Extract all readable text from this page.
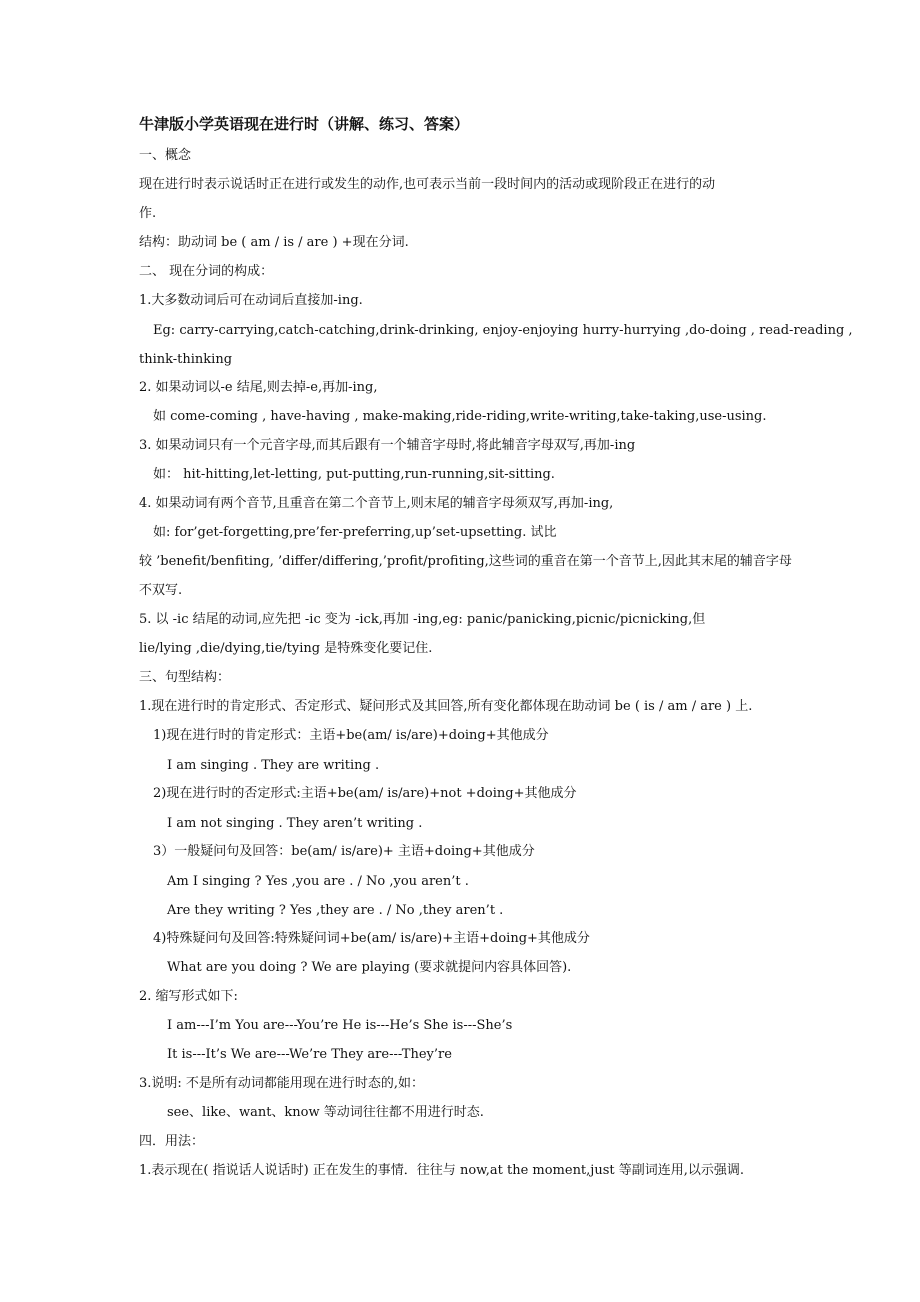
牛津版小学英语现在进行时（讲解、练习、答案）
一、概念
现在进行时表示说话时正在进行或发生的动作,也可表示当前一段时间内的活动或现阶段正在进行的动
作.
结构：助动词 be ( am / is / are ) +现在分词.
二、 现在分词的构成：
1.大多数动词后可在动词后直接加-ing.
Eg: carry-carrying,catch-catching,drink-drinking, enjoy-enjoying hurry-hurrying ,do-doing , read-reading ,
think-thinking
2. 如果动词以-e 结尾,则去掉-e,再加-ing,
如 come-coming , have-having , make-making,ride-riding,write-writing,take-taking,use-using.
3. 如果动词只有一个元音字母,而其后跟有一个辅音字母时,将此辅音字母双写,再加-ing
如： hit-hitting,let-letting, put-putting,run-running,sit-sitting.
4. 如果动词有两个音节,且重音在第二个音节上,则末尾的辅音字母须双写,再加-ing,
如: for’get-forgetting,pre’fer-preferring,up’set-upsetting. 试比
较 ’benefit/benfiting, ’differ/differing,’profit/profiting,这些词的重音在第一个音节上,因此其末尾的辅音字母
不双写.
5. 以 -ic 结尾的动词,应先把 -ic 变为 -ick,再加 -ing,eg: panic/panicking,picnic/picnicking,但
lie/lying ,die/dying,tie/tying 是特殊变化要记住.
三、句型结构：
1.现在进行时的肯定形式、否定形式、疑问形式及其回答,所有变化都体现在助动词 be ( is / am / are ) 上.
1)现在进行时的肯定形式：主语+be(am/ is/are)+doing+其他成分
I am singing . They are writing .
2)现在进行时的否定形式:主语+be(am/ is/are)+not +doing+其他成分
I am not singing . They aren’t writing .
3）一般疑问句及回答：be(am/ is/are)+ 主语+doing+其他成分
Am I singing ? Yes ,you are . / No ,you aren’t .
Are they writing ? Yes ,they are . / No ,they aren’t .
4)特殊疑问句及回答:特殊疑问词+be(am/ is/are)+主语+doing+其他成分
What are you doing ? We are playing (要求就提问内容具体回答).
2. 缩写形式如下:
I am---I’m You are---You’re He is---He’s She is---She’s
It is---It’s We are---We’re They are---They’re
3.说明: 不是所有动词都能用现在进行时态的,如：
see、like、want、know 等动词往往都不用进行时态.
四．用法：
1.表示现在( 指说话人说话时) 正在发生的事情．往往与 now,at the moment,just 等副词连用,以示强调.
